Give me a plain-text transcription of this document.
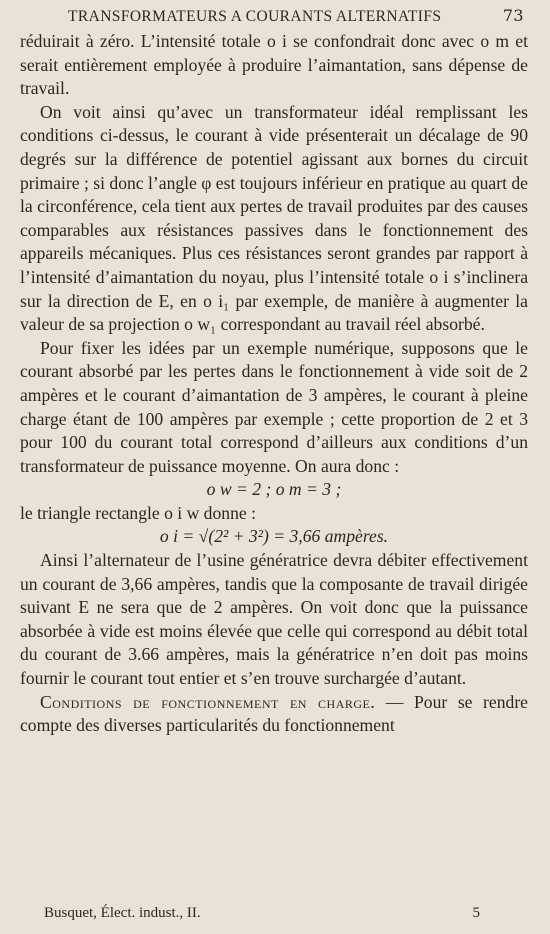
TRANSFORMATEURS A COURANTS ALTERNATIFS	73

réduirait à zéro. L’intensité totale o i se confondrait donc avec o m et serait entièrement employée à produire l’aimantation, sans dépense de travail.

On voit ainsi qu’avec un transformateur idéal remplissant les conditions ci-dessus, le courant à vide présenterait un décalage de 90 degrés sur la différence de potentiel agissant aux bornes du circuit primaire ; si donc l’angle φ est toujours inférieur en pratique au quart de la circonférence, cela tient aux pertes de travail produites par des causes comparables aux résistances passives dans le fonctionnement des appareils mécaniques. Plus ces résistances seront grandes par rapport à l’intensité d’aimantation du noyau, plus l’intensité totale o i s’inclinera sur la direction de E, en o i₁ par exemple, de manière à augmenter la valeur de sa projection o w₁ correspondant au travail réel absorbé.

Pour fixer les idées par un exemple numérique, supposons que le courant absorbé par les pertes dans le fonctionnement à vide soit de 2 ampères et le courant d’aimantation de 3 ampères, le courant à pleine charge étant de 100 ampères par exemple ; cette proportion de 2 et 3 pour 100 du courant total correspond d’ailleurs aux conditions d’un transformateur de puissance moyenne. On aura donc :

o w = 2 ; o m = 3 ;

le triangle rectangle o i w donne :

o i = √(2² + 3²) = 3,66 ampères.

Ainsi l’alternateur de l’usine génératrice devra débiter effectivement un courant de 3,66 ampères, tandis que la composante de travail dirigée suivant E ne sera que de 2 ampères. On voit donc que la puissance absorbée à vide est moins élevée que celle qui correspond au débit total du courant de 3.66 ampères, mais la génératrice n’en doit pas moins fournir le courant tout entier et s’en trouve surchargée d’autant.

Conditions de fonctionnement en charge. — Pour se rendre compte des diverses particularités du fonctionnement

Busquet, Élect. indust., II.	5
